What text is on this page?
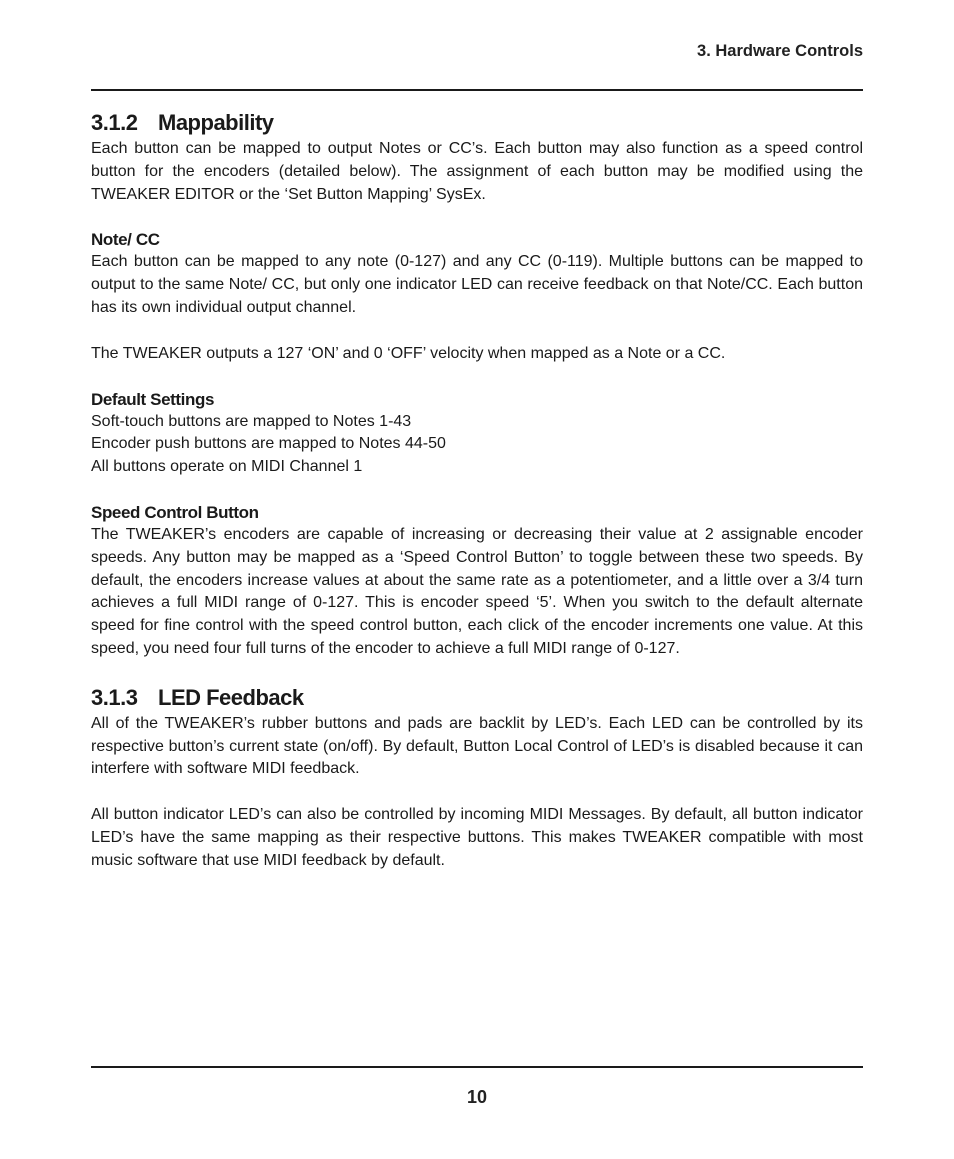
3. Hardware Controls
3.1.2 Mappability

Each button can be mapped to output Notes or CC’s. Each button may also function as a speed control button for the encoders (detailed below). The assignment of each button may be modified using the TWEAKER EDITOR or the ‘Set Button Mapping’ SysEx.

Note/ CC

Each button can be mapped to any note (0-127) and any CC (0-119). Multiple buttons can be mapped to output to the same Note/ CC, but only one indicator LED can receive feedback on that Note/CC. Each button has its own individual output channel.

The TWEAKER outputs a 127 ‘ON’ and 0 ‘OFF’ velocity when mapped as a Note or a CC.

Default Settings
Soft-touch buttons are mapped to Notes 1-43
Encoder push buttons are mapped to Notes 44-50
All buttons operate on MIDI Channel 1
Speed Control Button

The TWEAKER’s encoders are capable of increasing or decreasing their value at 2 assignable encoder speeds. Any button may be mapped as a ‘Speed Control Button’ to toggle between these two speeds. By default, the encoders increase values at about the same rate as a potentiometer, and a little over a 3/4 turn achieves a full MIDI range of 0-127. This is encoder speed ‘5’. When you switch to the default alternate speed for fine control with the speed control button, each click of the encoder increments one value. At this speed, you need four full turns of the encoder to achieve a full MIDI range of 0-127.

3.1.3 LED Feedback

All of the TWEAKER’s rubber buttons and pads are backlit by LED’s. Each LED can be controlled by its respective button’s current state (on/off). By default, Button Local Control of LED’s is disabled because it can interfere with software MIDI feedback.

All button indicator LED’s can also be controlled by incoming MIDI Messages. By default, all button indicator LED’s have the same mapping as their respective buttons. This makes TWEAKER compatible with most music software that use MIDI feedback by default.

10
